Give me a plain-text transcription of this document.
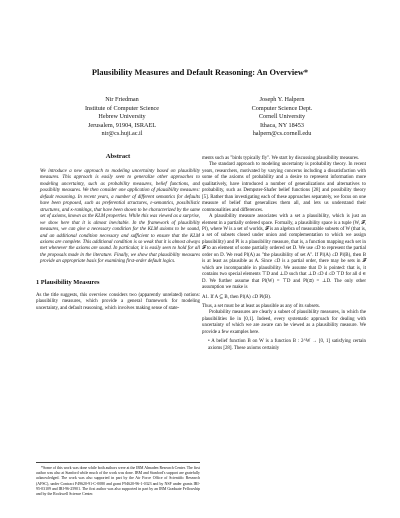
Plausibility Measures and Default Reasoning: An Overview*
Nir Friedman
Institute of Computer Science
Hebrew University
Jerusalem, 91904, ISRAEL
nir@cs.huji.ac.il
Joseph Y. Halpern
Computer Science Dept.
Cornell University
Ithaca, NY 18453
halpern@cs.cornell.edu
Abstract

We introduce a new approach to modeling uncertainty based on plausibility measures. This approach is easily seen to generalize other approaches to modeling uncertainty, such as probability measures, belief functions, and possibility measures. We then consider one application of plausibility measures: default reasoning. In recent years, a number of different semantics for defaults have been proposed, such as preferential structures, ε-semantics, possibilistic structures, and κ-rankings, that have been shown to be characterized by the same set of axioms, known as the KLM properties. While this was viewed as a surprise, we show here that it is almost inevitable. In the framework of plausibility measures, we can give a necessary condition for the KLM axioms to be sound, and an additional condition necessary and sufficient to ensure that the KLM axioms are complete. This additional condition is so weak that it is almost always met whenever the axioms are sound. In particular, it is easily seen to hold for all the proposals made in the literature. Finally, we show that plausibility measures provide an appropriate basis for examining first-order default logics.

1 Plausibility Measures

As the title suggests, this overview considers two (apparently unrelated) notions: plausibility measures, which provide a general framework for modeling uncertainty, and default reasoning, which involves making sense of state-

ments such as "birds typically fly". We start by discussing plausibility measures.

The standard approach to modeling uncertainty is probability theory. In recent years, researchers, motivated by varying concerns including a dissatisfaction with some of the axioms of probability and a desire to represent information more qualitatively, have introduced a number of generalizations and alternatives to probability, such as Dempster-Shafer belief functions [28] and possibility theory [5]. Rather than investigating each of these approaches separately, we focus on one measure of belief that generalizes them all, and lets us understand their commonalities and differences.

A plausibility measure associates with a set a plausibility, which is just an element in a partially ordered space. Formally, a plausibility space is a tuple (W, 𝓕, Pl), where W is a set of worlds, 𝓕 is an algebra of measurable subsets of W (that is, a set of subsets closed under union and complementation to which we assign plausibility) and Pl is a plausibility measure, that is, a function mapping each set in 𝓕 to an element of some partially ordered set D. We use ≤D to represent the partial order on D. We read Pl(A) as "the plausibility of set A". If Pl(A) ≤D Pl(B), then B is at least as plausible as A. Since ≤D is a partial order, there may be sets in 𝓕 which are incomparable in plausibility. We assume that D is pointed: that is, it contains two special elements ⊤D and ⊥D such that ⊥D ≤D d ≤D ⊤D for all d ∈ D. We further assume that Pl(W) = ⊤D and Pl(∅) = ⊥D. The only other assumption we make is

A1. If A ⊆ B, then Pl(A) ≤D Pl(B).

Thus, a set must be at least as plausible as any of its subsets.

Probability measures are clearly a subset of plausibility measures, in which the plausibilities lie in [0,1]. Indeed, every systematic approach for dealing with uncertainty of which we are aware can be viewed as a plausibility measure. We provide a few examples here.

• A belief function B on W is a function B : 2^W → [0, 1] satisfying certain axioms [28]. These axioms certainly

*Some of this work was done while both authors were at the IBM Almaden Research Center. The first author was also at Stanford while much of the work was done. IBM and Stanford's support are gratefully acknowledged. The work was also supported in part by the Air Force Office of Scientific Research (AFSC), under Contract F49620-91-C-0080 and grant F94620-96-1-0323 and by NSF under grants IRI-95-03109 and IRI-96-25901. The first author was also supported in part by an IBM Graduate Fellowship and by the Rockwell Science Center.
